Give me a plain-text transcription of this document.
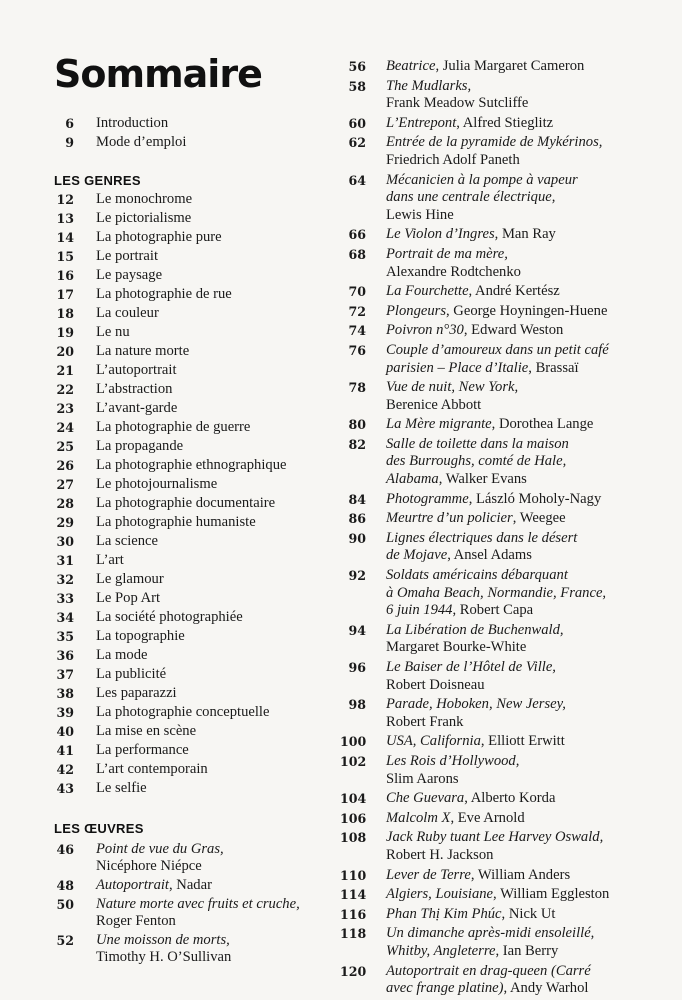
Sommaire
6 Introduction
9 Mode d’emploi
LES GENRES
12 Le monochrome
13 Le pictorialisme
14 La photographie pure
15 Le portrait
16 Le paysage
17 La photographie de rue
18 La couleur
19 Le nu
20 La nature morte
21 L’autoportrait
22 L’abstraction
23 L’avant-garde
24 La photographie de guerre
25 La propagande
26 La photographie ethnographique
27 Le photojournalisme
28 La photographie documentaire
29 La photographie humaniste
30 La science
31 L’art
32 Le glamour
33 Le Pop Art
34 La société photographiée
35 La topographie
36 La mode
37 La publicité
38 Les paparazzi
39 La photographie conceptuelle
40 La mise en scène
41 La performance
42 L’art contemporain
43 Le selfie
LES ŒUVRES
46 Point de vue du Gras,
Nicéphore Niépce
48 Autoportrait, Nadar
50 Nature morte avec fruits et cruche,
Roger Fenton
52 Une moisson de morts,
Timothy H. O’Sullivan
56 Beatrice, Julia Margaret Cameron
58 The Mudlarks,
Frank Meadow Sutcliffe
60 L’Entrepont, Alfred Stieglitz
62 Entrée de la pyramide de Mykérinos,
Friedrich Adolf Paneth
64 Mécanicien à la pompe à vapeur
dans une centrale électrique,
Lewis Hine
66 Le Violon d’Ingres, Man Ray
68 Portrait de ma mère,
Alexandre Rodtchenko
70 La Fourchette, André Kertész
72 Plongeurs, George Hoyningen-Huene
74 Poivron n°30, Edward Weston
76 Couple d’amoureux dans un petit café
parisien – Place d’Italie, Brassaï
78 Vue de nuit, New York,
Berenice Abbott
80 La Mère migrante, Dorothea Lange
82 Salle de toilette dans la maison
des Burroughs, comté de Hale,
Alabama, Walker Evans
84 Photogramme, László Moholy-Nagy
86 Meurtre d’un policier, Weegee
90 Lignes électriques dans le désert
de Mojave, Ansel Adams
92 Soldats américains débarquant
à Omaha Beach, Normandie, France,
6 juin 1944, Robert Capa
94 La Libération de Buchenwald,
Margaret Bourke-White
96 Le Baiser de l’Hôtel de Ville,
Robert Doisneau
98 Parade, Hoboken, New Jersey,
Robert Frank
100 USA, California, Elliott Erwitt
102 Les Rois d’Hollywood,
Slim Aarons
104 Che Guevara, Alberto Korda
106 Malcolm X, Eve Arnold
108 Jack Ruby tuant Lee Harvey Oswald,
Robert H. Jackson
110 Lever de Terre, William Anders
114 Algiers, Louisiane, William Eggleston
116 Phan Thị Kim Phúc, Nick Ut
118 Un dimanche après-midi ensoleillé,
Whitby, Angleterre, Ian Berry
120 Autoportrait en drag-queen (Carré
avec frange platine), Andy Warhol
